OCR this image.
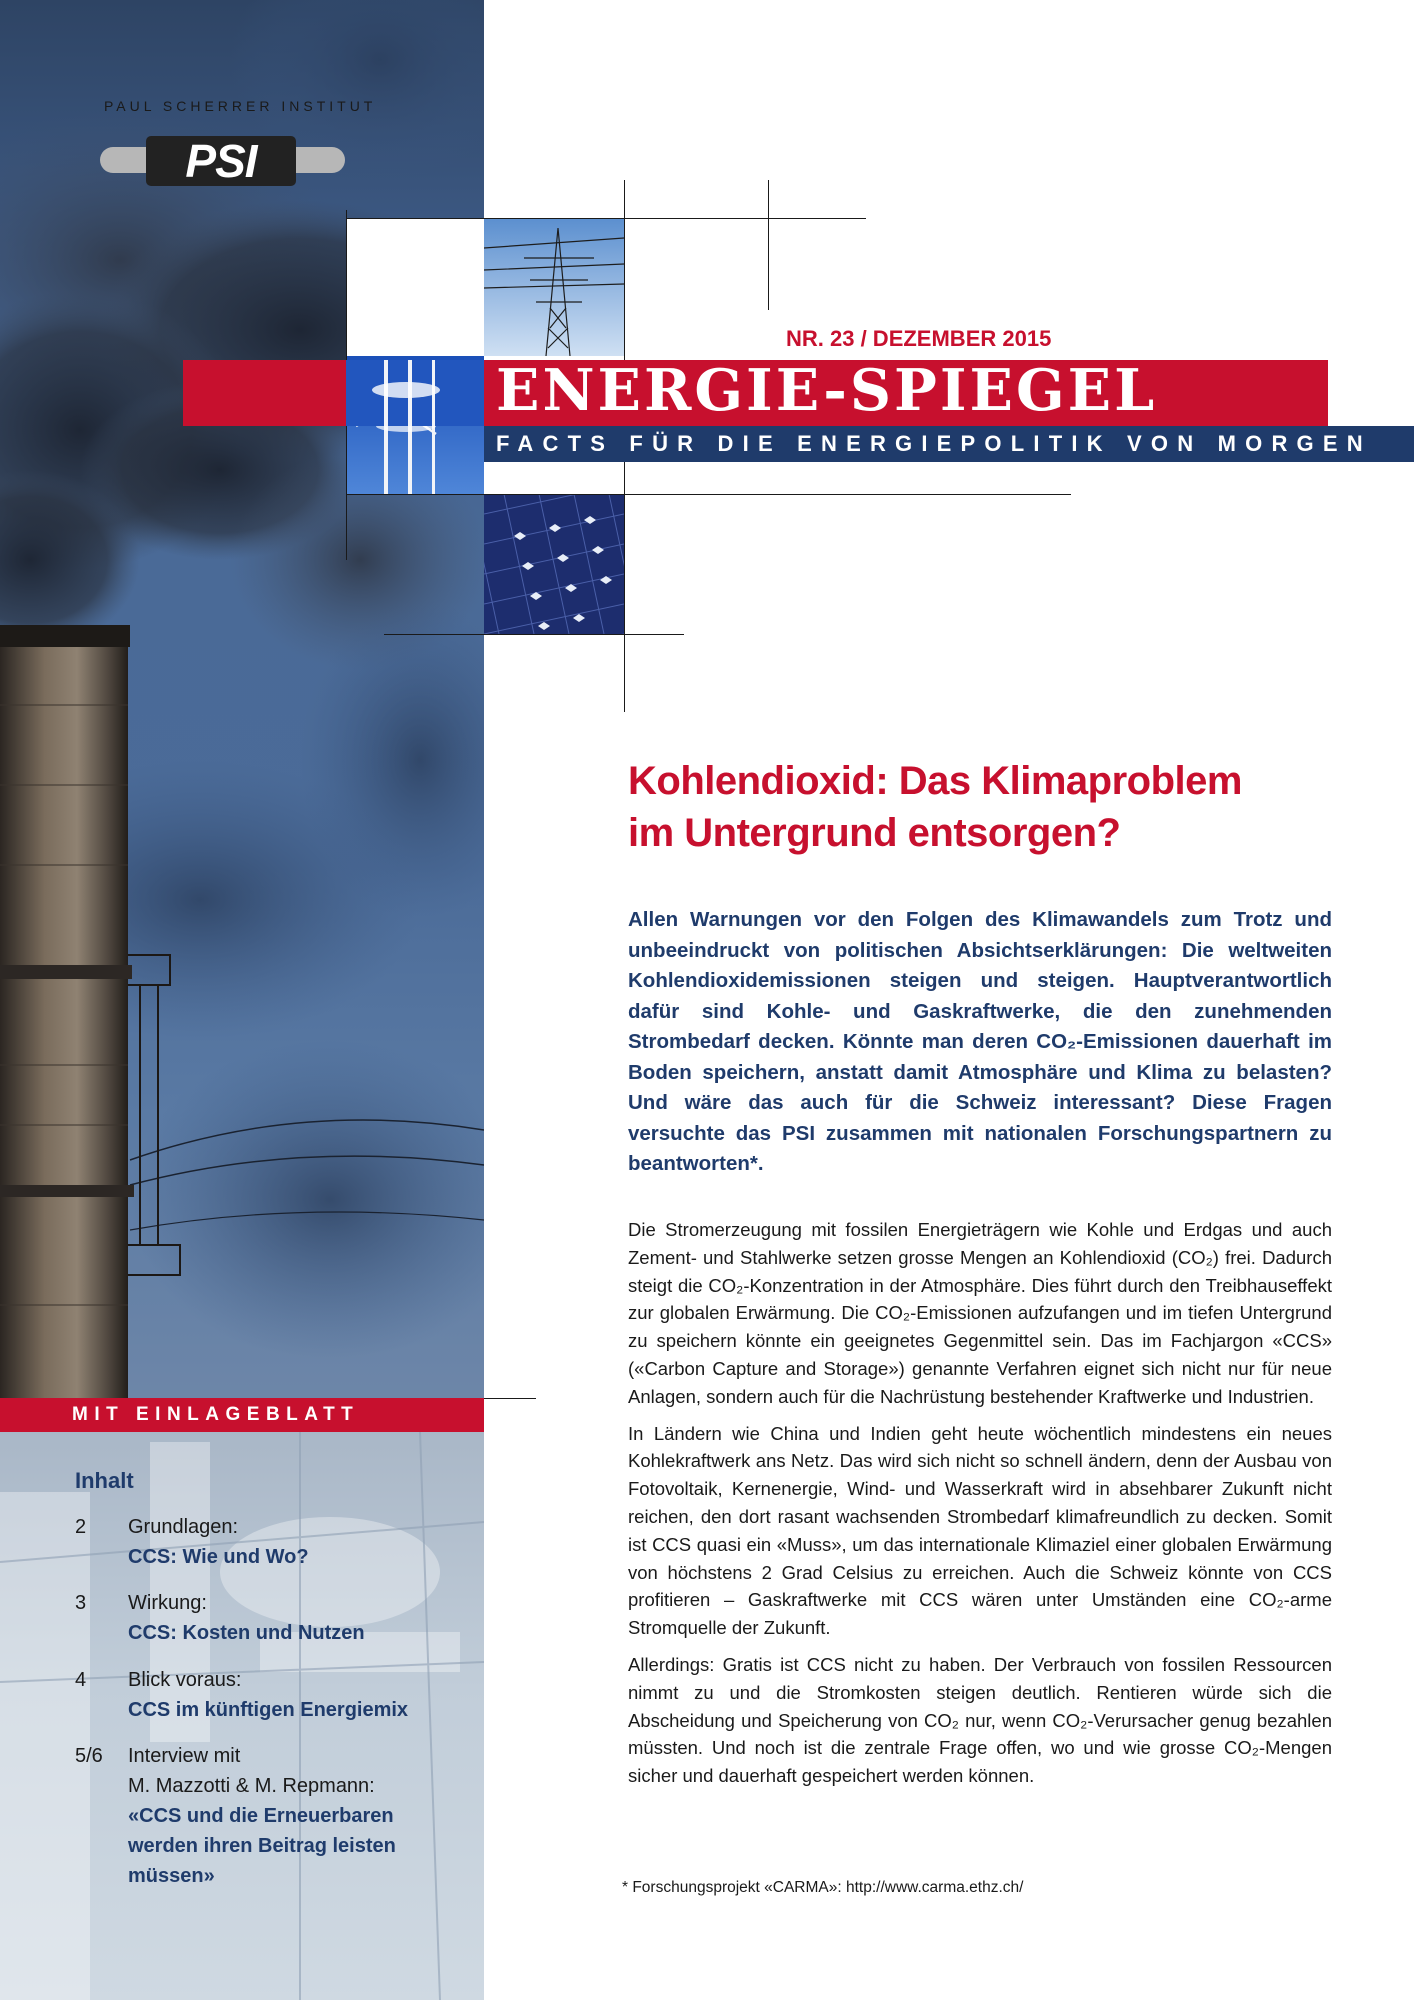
PAUL SCHERRER INSTITUT
PSI
NR. 23 / DEZEMBER 2015
ENERGIE-SPIEGEL
FACTS FÜR DIE ENERGIEPOLITIK VON MORGEN
Kohlendioxid: Das Klimaproblem
im Untergrund entsorgen?
Allen Warnungen vor den Folgen des Klimawandels zum Trotz und unbeeindruckt von politischen Absichtserklärungen: Die weltweiten Kohlendioxidemissionen steigen und steigen. Hauptverantwortlich dafür sind Kohle- und Gaskraftwerke, die den zunehmenden Strombedarf decken. Könnte man deren CO₂-Emissionen dauerhaft im Boden speichern, anstatt damit Atmosphäre und Klima zu belasten? Und wäre das auch für die Schweiz interessant? Diese Fragen versuchte das PSI zusammen mit nationalen Forschungspartnern zu beantworten*.

Die Stromerzeugung mit fossilen Energieträgern wie Kohle und Erdgas und auch Zement- und Stahlwerke setzen grosse Mengen an Kohlendioxid (CO₂) frei. Dadurch steigt die CO₂-Konzentration in der Atmosphäre. Dies führt durch den Treibhauseffekt zur globalen Erwärmung. Die CO₂-Emissionen aufzufangen und im tiefen Untergrund zu speichern könnte ein geeignetes Gegenmittel sein. Das im Fachjargon «CCS» («Carbon Capture and Storage») genannte Verfahren eignet sich nicht nur für neue Anlagen, sondern auch für die Nachrüstung bestehender Kraftwerke und Industrien.

In Ländern wie China und Indien geht heute wöchentlich mindestens ein neues Kohlekraftwerk ans Netz. Das wird sich nicht so schnell ändern, denn der Ausbau von Fotovoltaik, Kernenergie, Wind- und Wasserkraft wird in absehbarer Zukunft nicht reichen, den dort rasant wachsenden Strombedarf klimafreundlich zu decken. Somit ist CCS quasi ein «Muss», um das internationale Klimaziel einer globalen Erwärmung von höchstens 2 Grad Celsius zu erreichen. Auch die Schweiz könnte von CCS profitieren – Gaskraftwerke mit CCS wären unter Umständen eine CO₂-arme Stromquelle der Zukunft.

Allerdings: Gratis ist CCS nicht zu haben. Der Verbrauch von fossilen Ressourcen nimmt zu und die Stromkosten steigen deutlich. Rentieren würde sich die Abscheidung und Speicherung von CO₂ nur, wenn CO₂-Verursacher genug bezahlen müssten. Und noch ist die zentrale Frage offen, wo und wie grosse CO₂-Mengen sicher und dauerhaft gespeichert werden können.

* Forschungsprojekt «CARMA»: http://www.carma.ethz.ch/
MIT EINLAGEBLATT
Inhalt
2	Grundlagen:
CCS: Wie und Wo?
3	Wirkung:
CCS: Kosten und Nutzen
4	Blick voraus:
CCS im künftigen Energiemix
5/6	Interview mit
M. Mazzotti & M. Repmann:
«CCS und die Erneuerbaren werden ihren Beitrag leisten müssen»
